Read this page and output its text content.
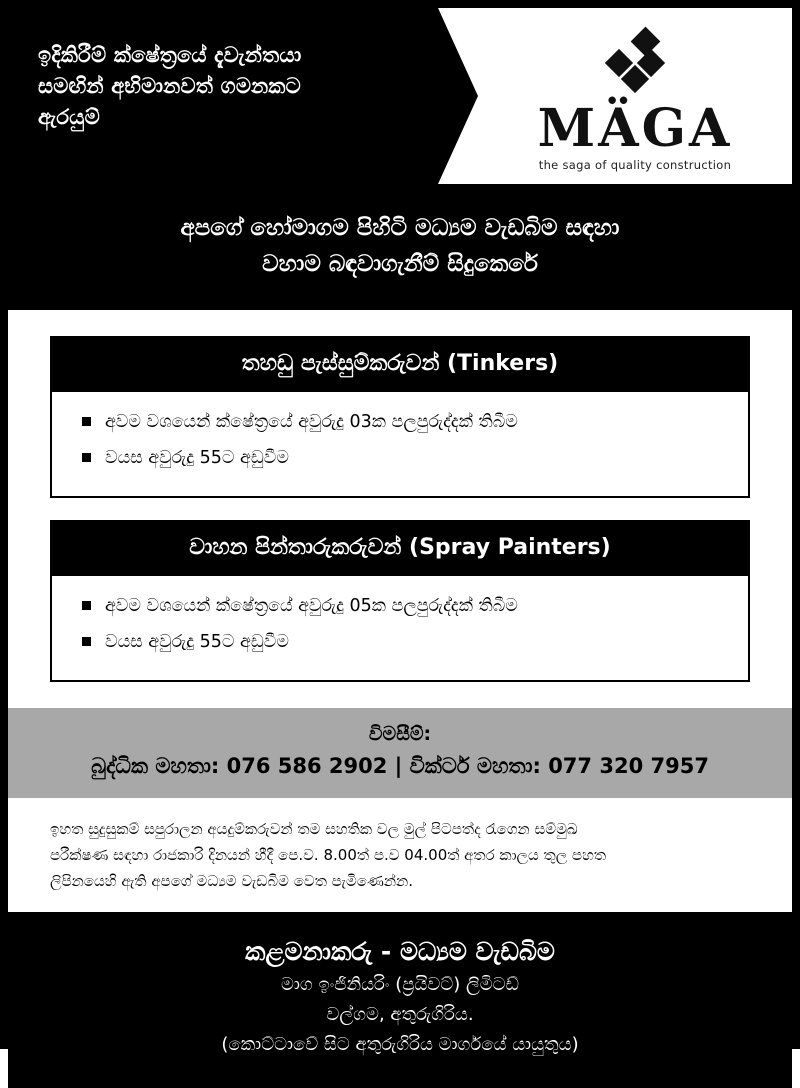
ඉදිකිරීම් ක්ෂේත්‍රයේ දැවැන්තයා
සමඟින් අභිමානවත් ගමනකට
ඇරයුම්	MÄGA
the saga of quality construction
අපගේ හෝමාගම පිහිටි මධ්‍යම වැඩබිම සඳහා
වහාම බඳවාගැනීම් සිදුකෙරේ
තහඩු පැස්සුම්කරුවන් (Tinkers)
අවම වශයෙන් ක්ෂේත්‍රයේ අවුරුදු 03ක පලපුරුද්දක් තිබීම
වයස අවුරුදු 55ට අඩුවීම
වාහන පින්තාරුකරුවන් (Spray Painters)
අවම වශයෙන් ක්ෂේත්‍රයේ අවුරුදු 05ක පලපුරුද්දක් තිබීම
වයස අවුරුදු 55ට අඩුවීම
විමසීම්:
බුද්ධික මහතා: 076 586 2902 | වික්ටර් මහතා: 077 320 7957
ඉහත සුදුසුකම් සපුරාලන අයදුම්කරුවන් තම සහතික වල මුල් පිටපත්ද රැගෙන සම්මුඛ
පරීක්ෂණ සඳහා රාජකාරි දිනයන් හීදී පෙ.ව. 8.00ත් ප.ව 04.00ත් අතර කාලය තුල පහත
ලිපිනයෙහි ඇති අපගේ මධ්‍යම වැඩබිම වෙත පැමිණෙන්න.
කළමනාකරු - මධ්‍යම වැඩබිම
මාග ඉංජිනියරිං (ප්‍රයිවට්) ලිමිටඩ්
වල්ගම, අතුරුගිරිය.
(කොට්ටාවේ සිට අතුරුගිරිය මාර්ගයේ යායුතුය)
